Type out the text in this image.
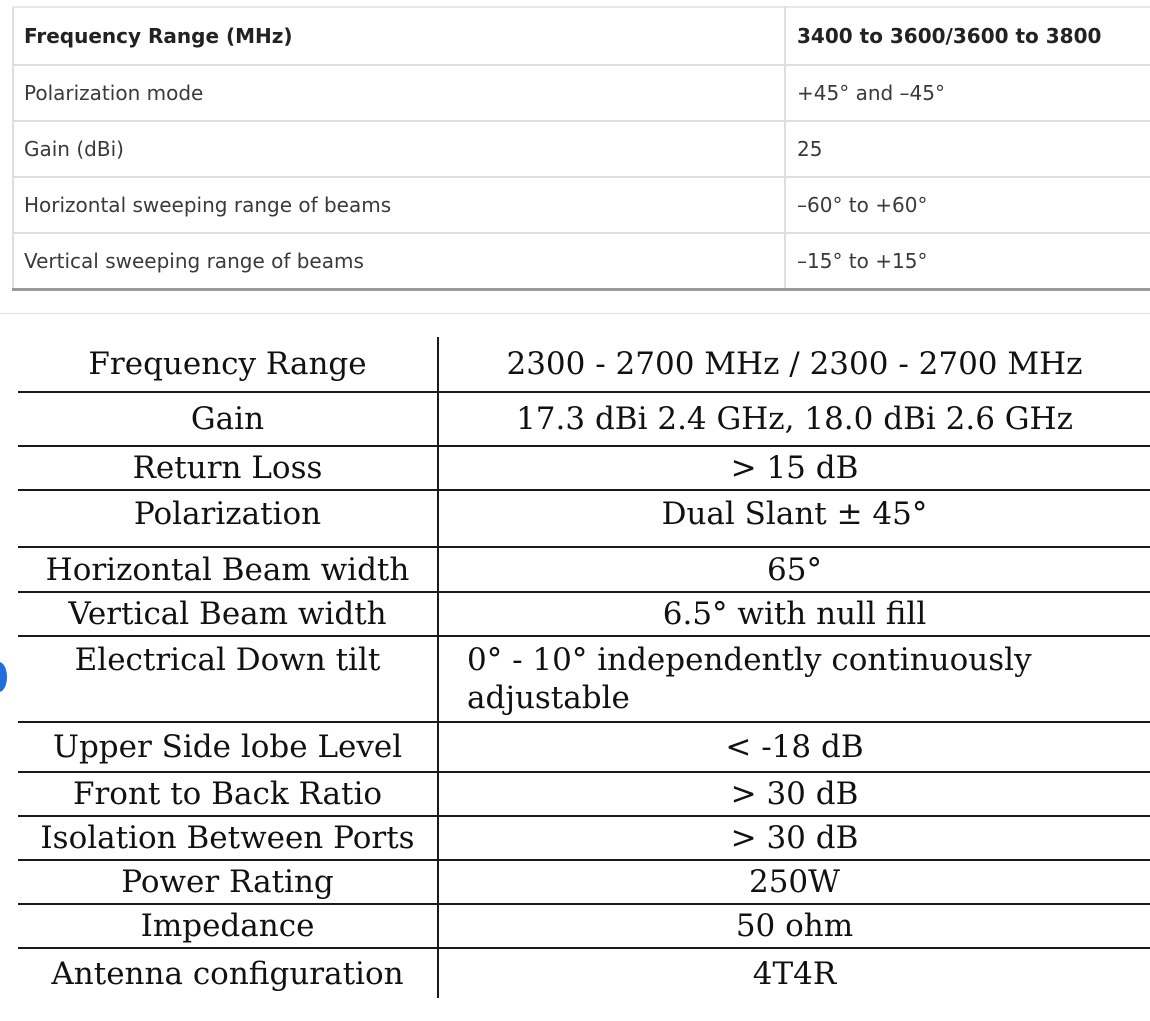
Frequency Range (MHz)	3400 to 3600/3600 to 3800
Polarization mode	+45° and –45°
Gain (dBi)	25
Horizontal sweeping range of beams	–60° to +60°
Vertical sweeping range of beams	–15° to +15°
Frequency Range	2300 - 2700 MHz / 2300 - 2700 MHz
Gain	17.3 dBi 2.4 GHz, 18.0 dBi 2.6 GHz
Return Loss	> 15 dB
Polarization	Dual Slant ± 45°
Horizontal Beam width	65°
Vertical Beam width	6.5° with null fill
Electrical Down tilt	0° - 10° independently continuously adjustable
Upper Side lobe Level	< -18 dB
Front to Back Ratio	> 30 dB
Isolation Between Ports	> 30 dB
Power Rating	250W
Impedance	50 ohm
Antenna configuration	4T4R
